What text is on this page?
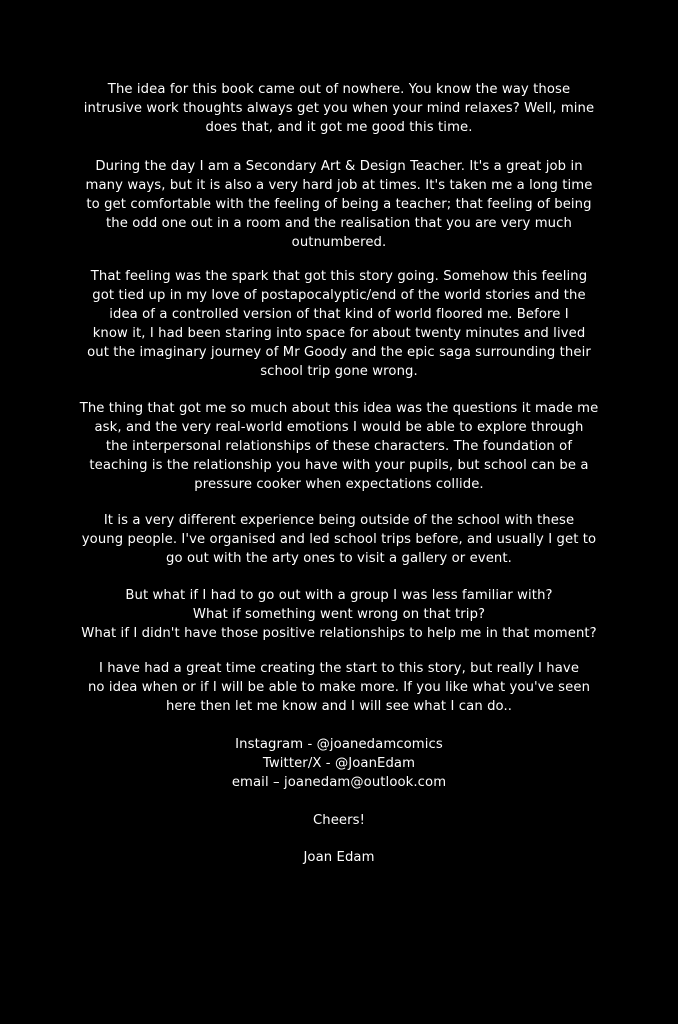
The idea for this book came out of nowhere. You know the way those
intrusive work thoughts always get you when your mind relaxes? Well, mine
does that, and it got me good this time.
During the day I am a Secondary Art & Design Teacher. It's a great job in
many ways, but it is also a very hard job at times. It's taken me a long time
to get comfortable with the feeling of being a teacher; that feeling of being
the odd one out in a room and the realisation that you are very much
outnumbered.
That feeling was the spark that got this story going. Somehow this feeling
got tied up in my love of postapocalyptic/end of the world stories and the
idea of a controlled version of that kind of world floored me. Before I
know it, I had been staring into space for about twenty minutes and lived
out the imaginary journey of Mr Goody and the epic saga surrounding their
school trip gone wrong.
The thing that got me so much about this idea was the questions it made me
ask, and the very real-world emotions I would be able to explore through
the interpersonal relationships of these characters. The foundation of
teaching is the relationship you have with your pupils, but school can be a
pressure cooker when expectations collide.
It is a very different experience being outside of the school with these
young people. I've organised and led school trips before, and usually I get to
go out with the arty ones to visit a gallery or event.
But what if I had to go out with a group I was less familiar with?
What if something went wrong on that trip?
What if I didn't have those positive relationships to help me in that moment?
I have had a great time creating the start to this story, but really I have
no idea when or if I will be able to make more. If you like what you've seen
here then let me know and I will see what I can do..
Instagram - @joanedamcomics
Twitter/X - @JoanEdam
email – joanedam@outlook.com
Cheers!
Joan Edam
